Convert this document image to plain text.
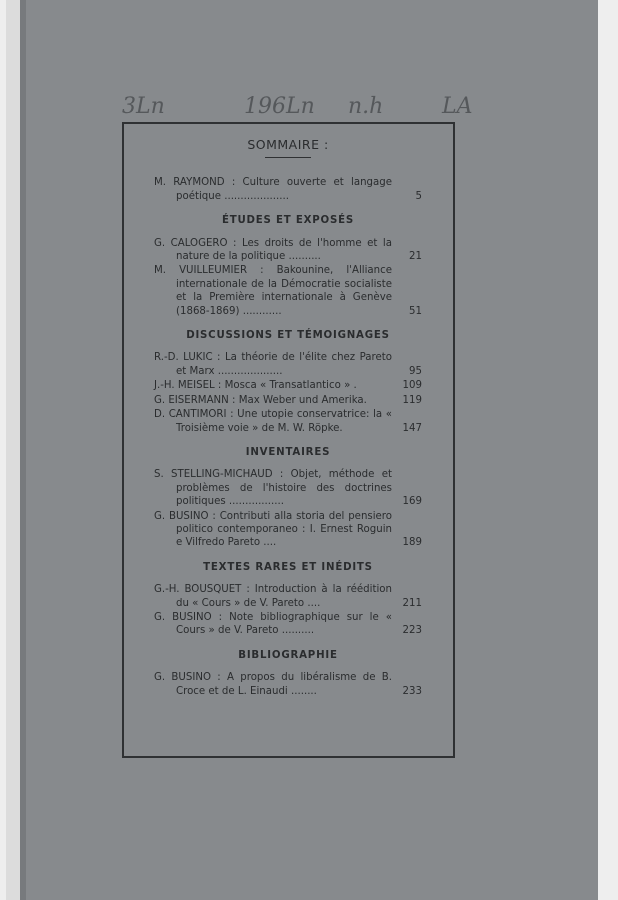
3Ln	196Ln n.h	LA
SOMMAIRE :
M. RAYMOND : Culture ouverte et langage poétique ....................	5
ÉTUDES ET EXPOSÉS
G. CALOGERO : Les droits de l'homme et la nature de la politique ..........	21
M. VUILLEUMIER : Bakounine, l'Alliance internationale de la Démocratie socialiste et la Première internationale à Genève (1868-1869) ............	51
DISCUSSIONS ET TÉMOIGNAGES
R.-D. LUKIC : La théorie de l'élite chez Pareto et Marx ....................	95
J.-H. MEISEL : Mosca « Transatlantico » .	109
G. EISERMANN : Max Weber und Amerika.	119
D. CANTIMORI : Une utopie conservatrice: la « Troisième voie » de M. W. Röpke.	147
INVENTAIRES
S. STELLING-MICHAUD : Objet, méthode et problèmes de l'histoire des doctrines politiques .................	169
G. BUSINO : Contributi alla storia del pensiero politico contemporaneo : I. Ernest Roguin e Vilfredo Pareto ....	189
TEXTES RARES ET INÉDITS
G.-H. BOUSQUET : Introduction à la réédition du « Cours » de V. Pareto ....	211
G. BUSINO : Note bibliographique sur le « Cours » de V. Pareto ..........	223
BIBLIOGRAPHIE
G. BUSINO : A propos du libéralisme de B. Croce et de L. Einaudi ........	233
